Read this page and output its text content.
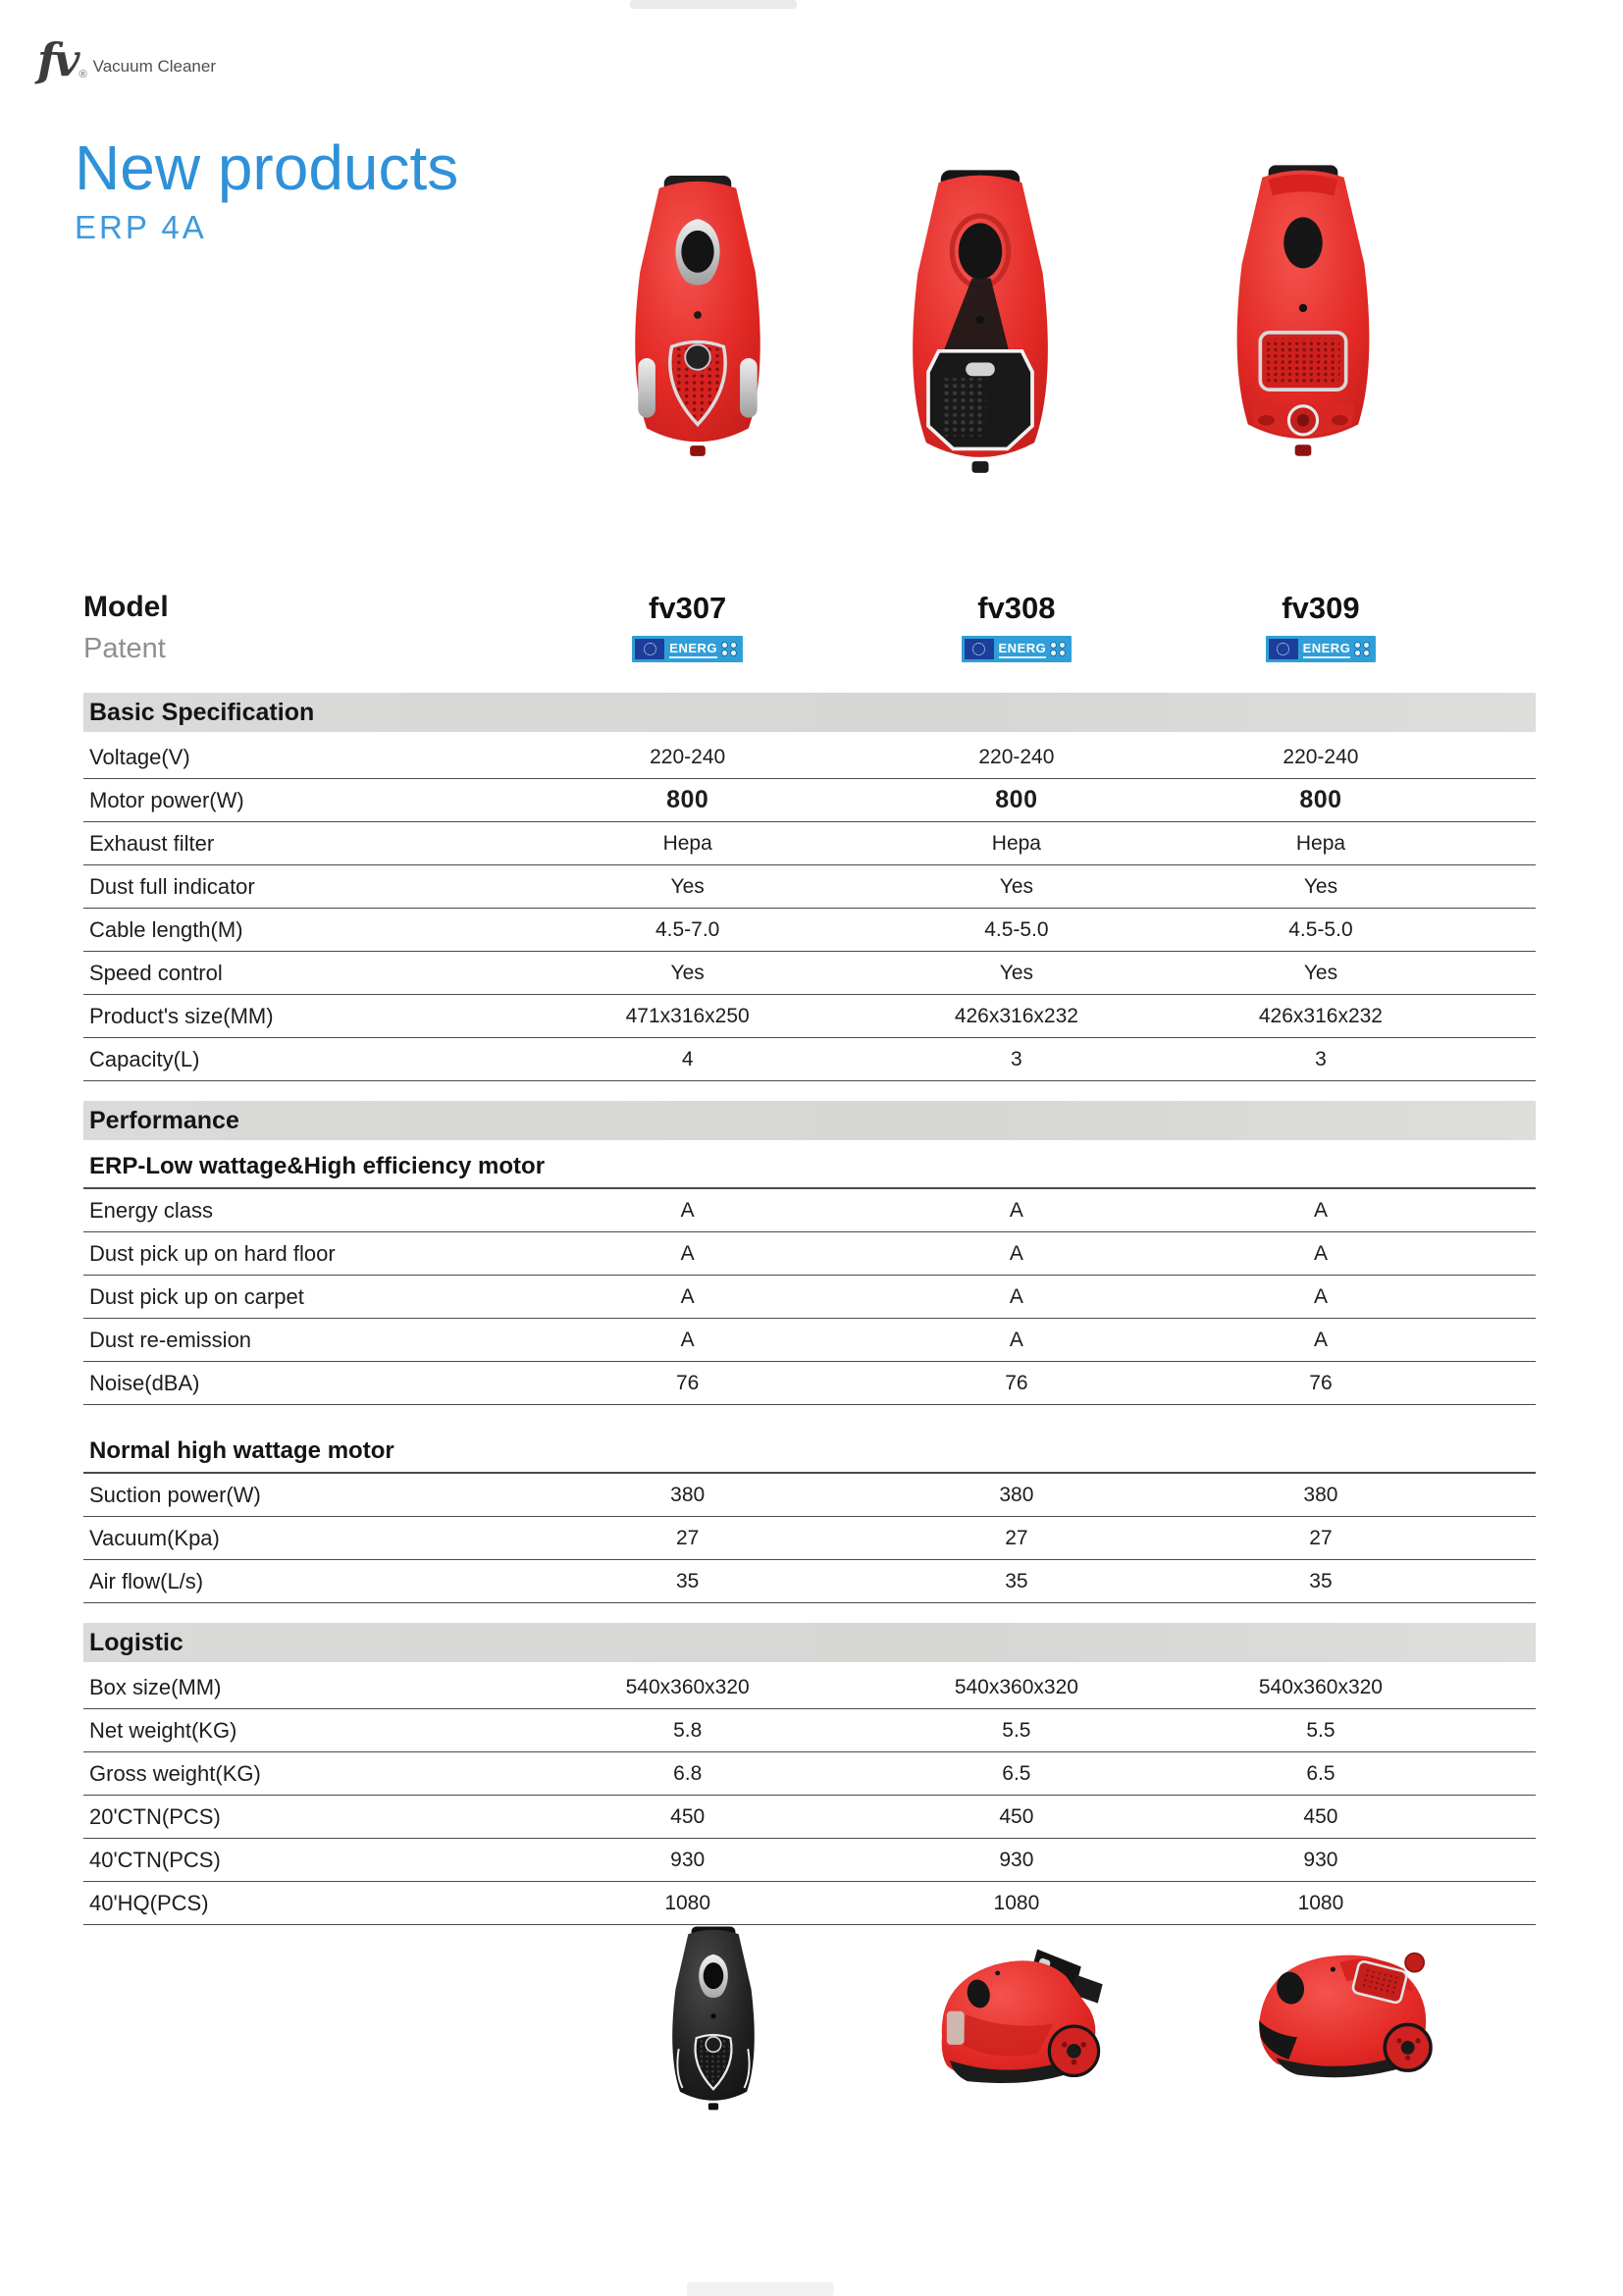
fv ® Vacuum Cleaner
New products
ERP 4A
Model
Patent
fv307
ENERG
fv308
ENERG
fv309
ENERG
Basic Specification
Voltage(V)	220-240	220-240	220-240
Motor power(W)	800	800	800
Exhaust filter	Hepa	Hepa	Hepa
Dust full indicator	Yes	Yes	Yes
Cable length(M)	4.5-7.0	4.5-5.0	4.5-5.0
Speed control	Yes	Yes	Yes
Product's size(MM)	471x316x250	426x316x232	426x316x232
Capacity(L)	4	3	3
Performance
ERP-Low wattage&High efficiency motor
Energy class	A	A	A
Dust pick up on hard floor	A	A	A
Dust pick up on carpet	A	A	A
Dust re-emission	A	A	A
Noise(dBA)	76	76	76
Normal high wattage motor
Suction power(W)	380	380	380
Vacuum(Kpa)	27	27	27
Air flow(L/s)	35	35	35
Logistic
Box size(MM)	540x360x320	540x360x320	540x360x320
Net weight(KG)	5.8	5.5	5.5
Gross weight(KG)	6.8	6.5	6.5
20'CTN(PCS)	450	450	450
40'CTN(PCS)	930	930	930
40'HQ(PCS)	1080	1080	1080
